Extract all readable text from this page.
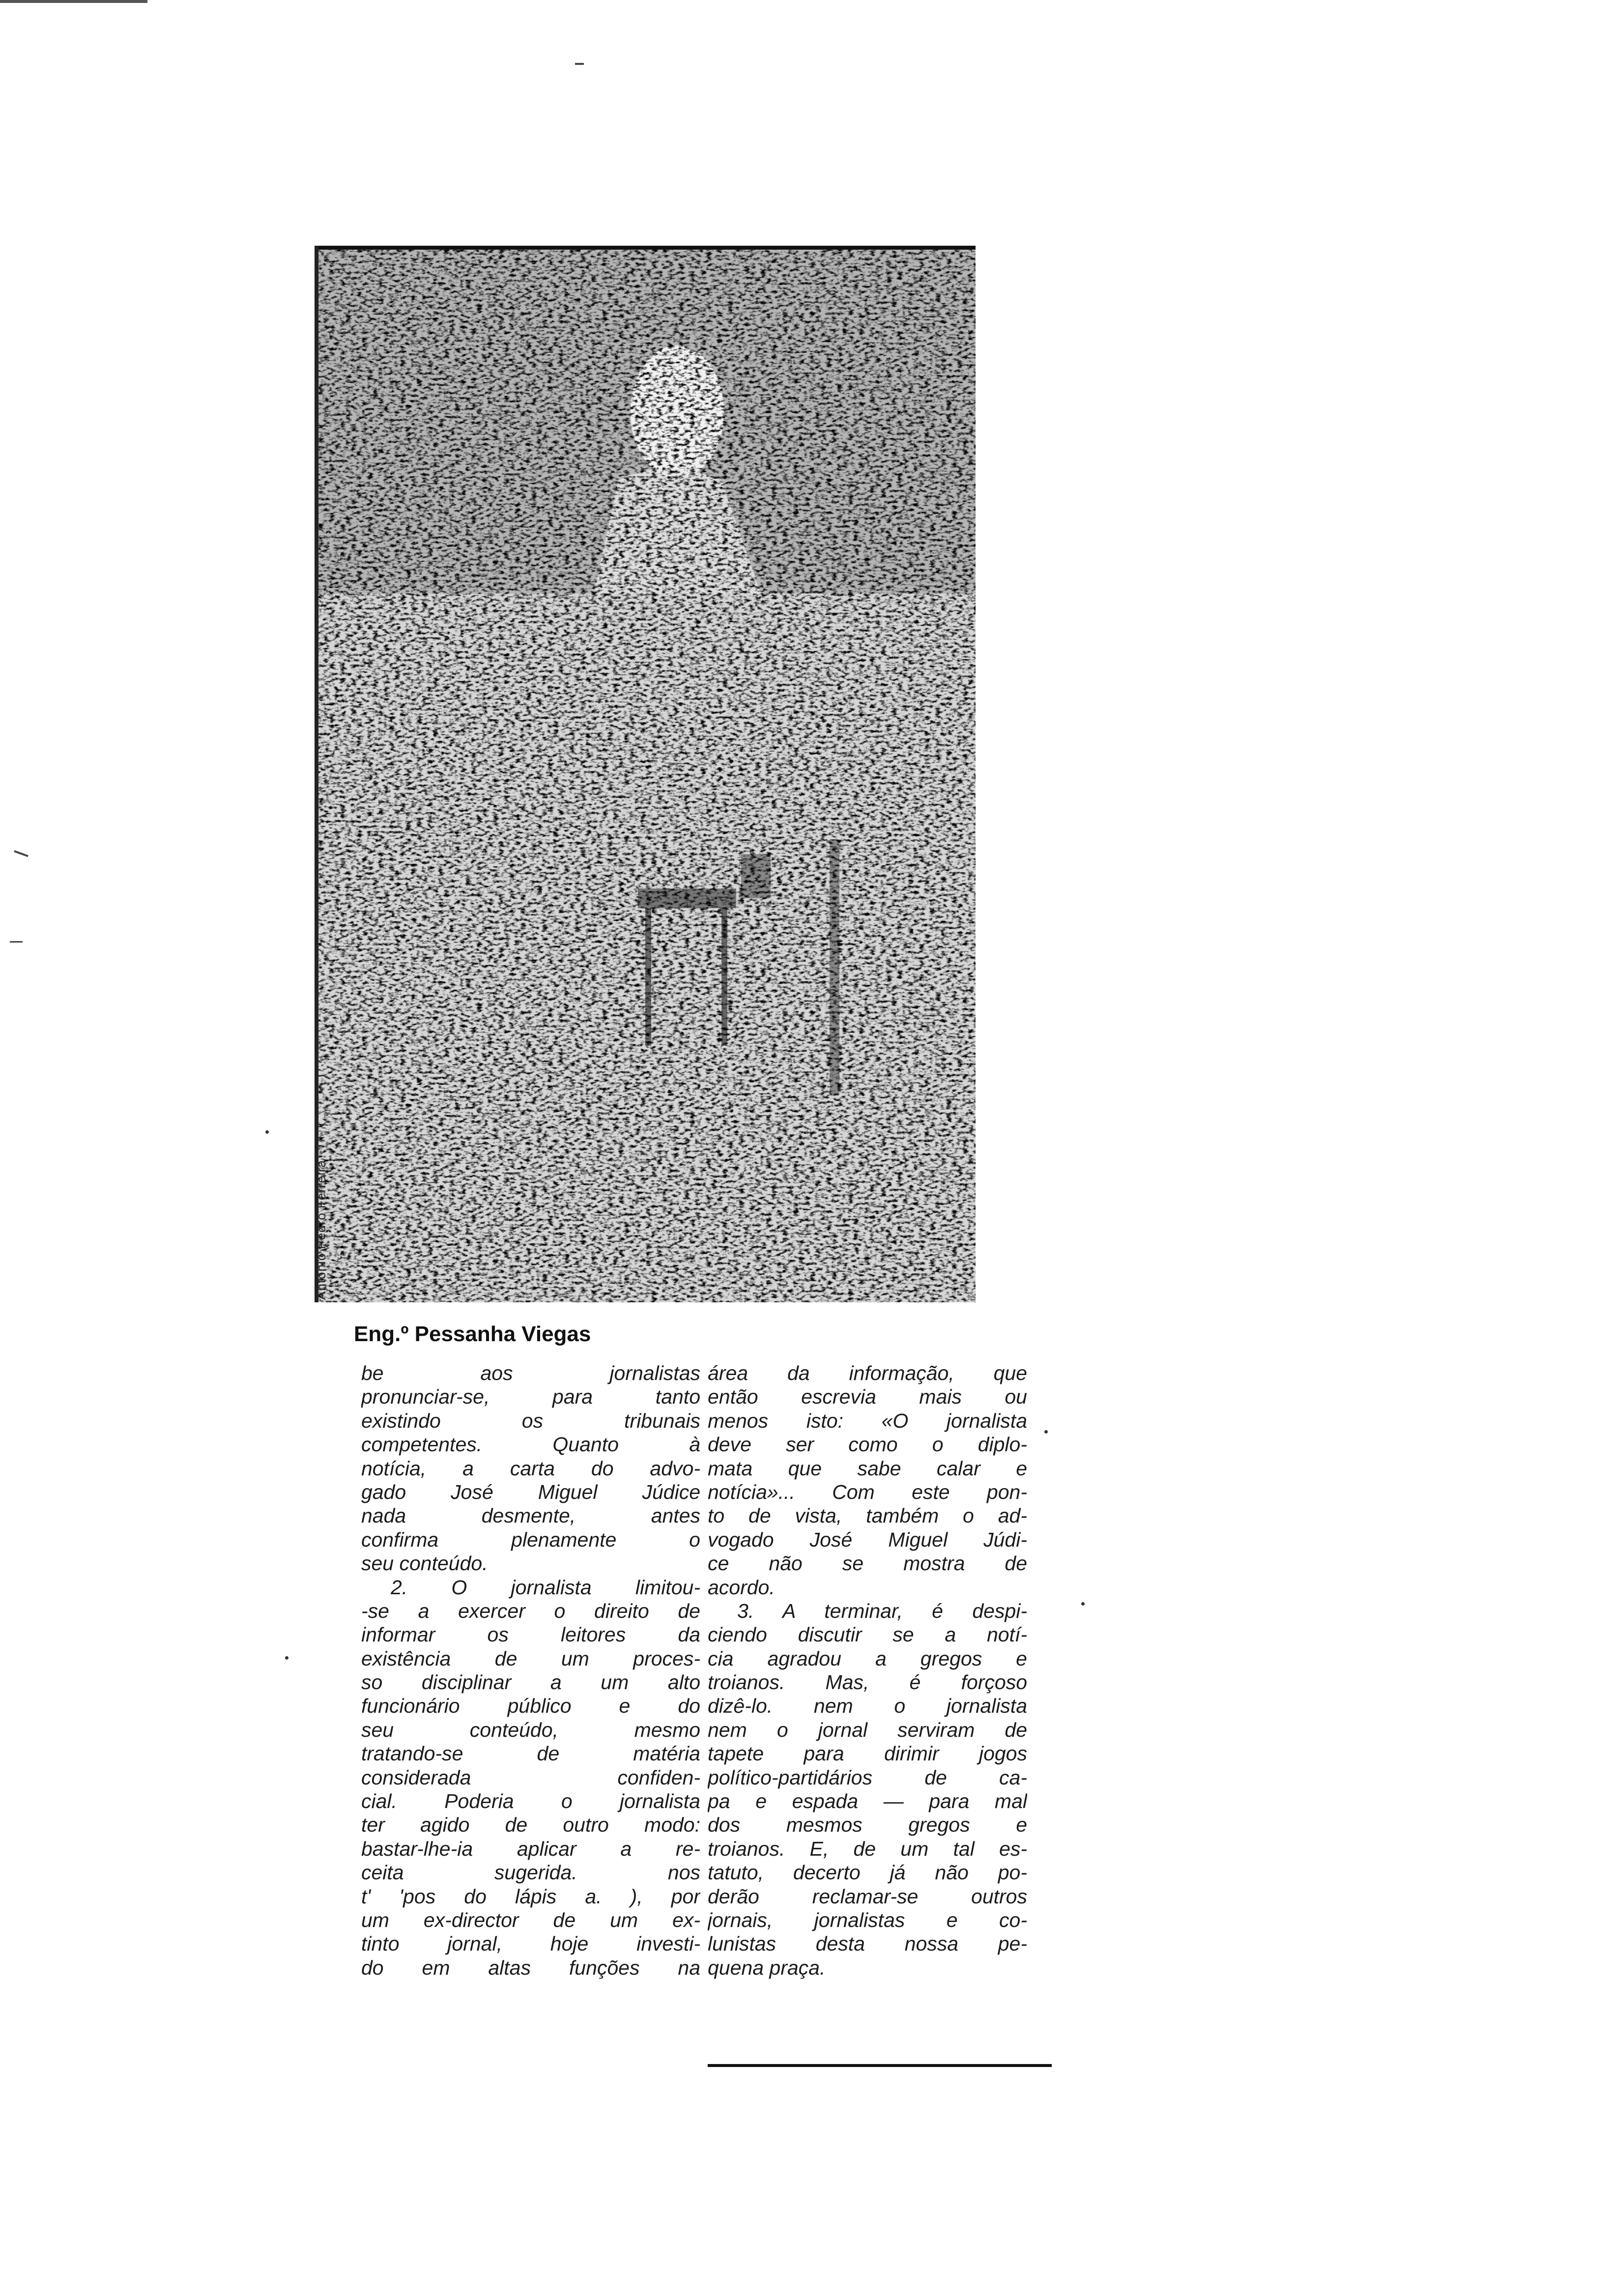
António Pedro Ferreira
Eng.º Pessanha Viegas
be aos jornalistas
pronunciar-se, para tanto
existindo os tribunais
competentes. Quanto à
notícia, a carta do advo-
gado José Miguel Júdice
nada desmente, antes
confirma plenamente o
seu conteúdo.
2. O jornalista limitou-
-se a exercer o direito de
informar os leitores da
existência de um proces-
so disciplinar a um alto
funcionário público e do
seu conteúdo, mesmo
tratando-se de matéria
considerada confiden-
cial. Poderia o jornalista
ter agido de outro modo:
bastar-lhe-ia aplicar a re-
ceita sugerida. nos
t' 'pos do lápis a. ), por
um ex-director de um ex-
tinto jornal, hoje investi-
do em altas funções na
área da informação, que
então escrevia mais ou
menos isto: «O jornalista
deve ser como o diplo-
mata que sabe calar e
notícia»... Com este pon-
to de vista, também o ad-
vogado José Miguel Júdi-
ce não se mostra de
acordo.
3. A terminar, é despi-
ciendo discutir se a notí-
cia agradou a gregos e
troianos. Mas, é forçoso
dizê-lo. nem o jornalista
nem o jornal serviram de
tapete para dirimir jogos
político-partidários de ca-
pa e espada — para mal
dos mesmos gregos e
troianos. E, de um tal es-
tatuto, decerto já não po-
derão reclamar-se outros
jornais, jornalistas e co-
lunistas desta nossa pe-
quena praça.
